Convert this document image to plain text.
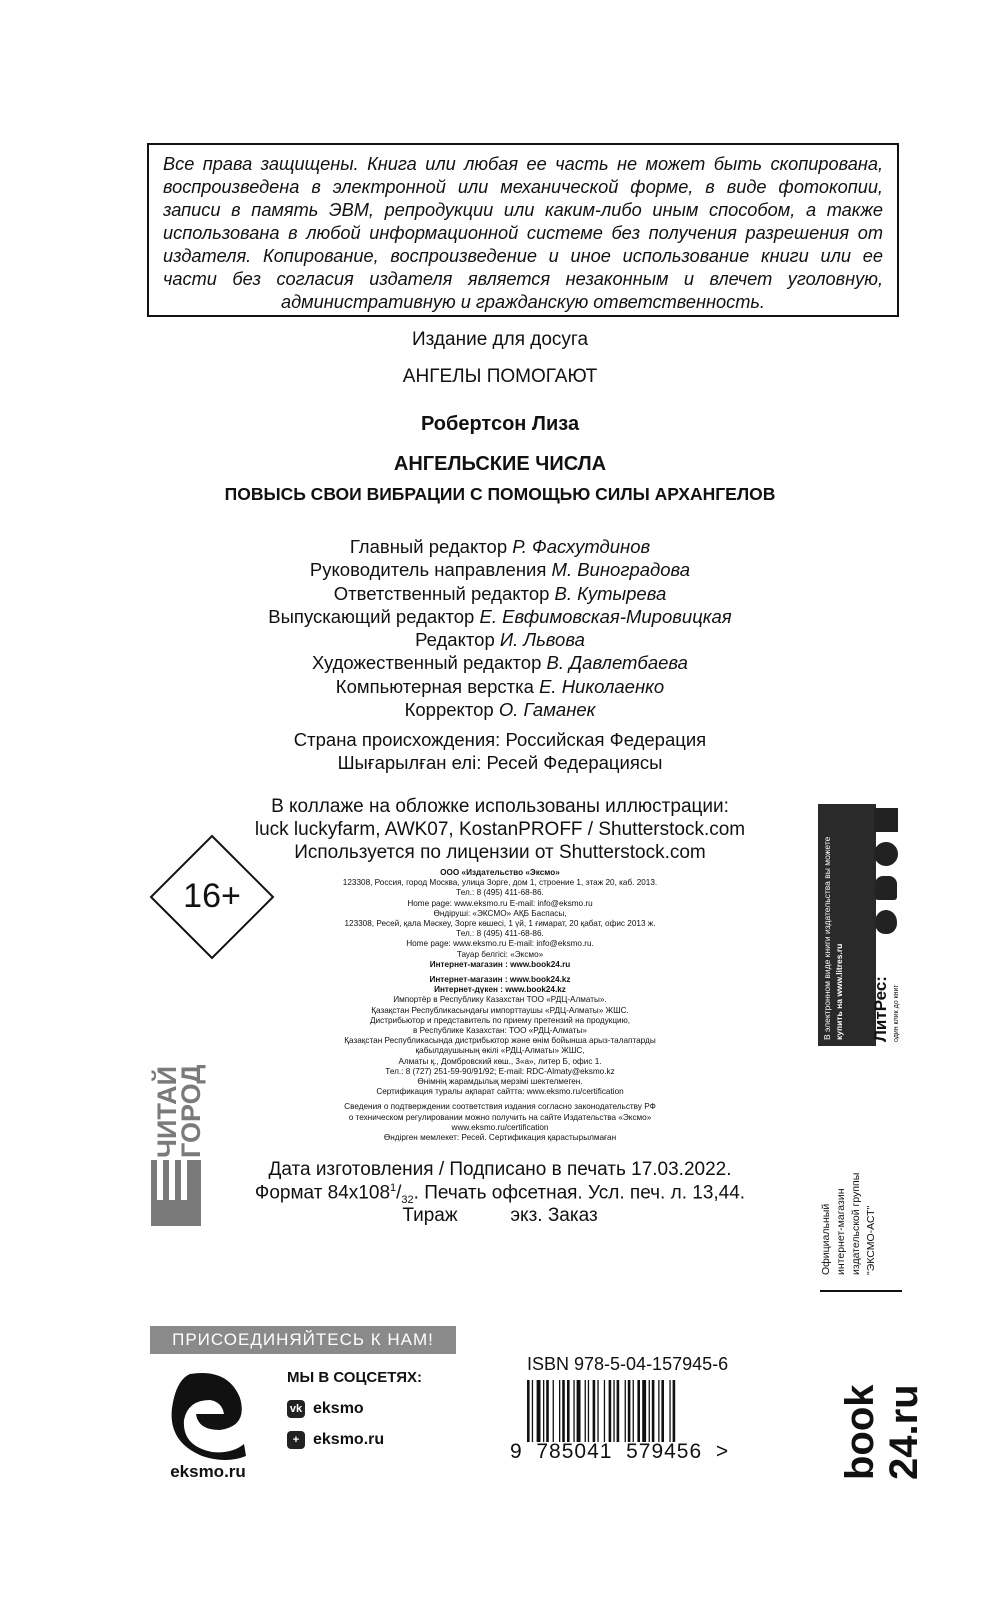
Все права защищены. Книга или любая ее часть не может быть скопирована, воспроизведена в электронной или механической форме, в виде фотокопии, записи в память ЭВМ, репродукции или каким-либо иным способом, а также использована в любой информационной системе без получения разрешения от издателя. Копирование, воспроизведение и иное использование книги или ее части без согласия издателя является незаконным и влечет уголовную, административную и гражданскую ответственность.

Издание для досуга
АНГЕЛЫ ПОМОГАЮТ
Робертсон Лиза
АНГЕЛЬСКИЕ ЧИСЛА
ПОВЫСЬ СВОИ ВИБРАЦИИ С ПОМОЩЬЮ СИЛЫ АРХАНГЕЛОВ
Главный редактор Р. Фасхутдинов
Руководитель направления М. Виноградова
Ответственный редактор В. Кутырева
Выпускающий редактор Е. Евфимовская-Мировицкая
Редактор И. Львова
Художественный редактор В. Давлетбаева
Компьютерная верстка Е. Николаенко
Корректор О. Гаманек
Страна происхождения: Российская Федерация
Шығарылған елі: Ресей Федерациясы
В коллаже на обложке использованы иллюстрации:
luck luckyfarm, AWK07, KostanPROFF / Shutterstock.com
Используется по лицензии от Shutterstock.com
16+
ООО «Издательство «Эксмо»
123308, Россия, город Москва, улица Зорге, дом 1, строение 1, этаж 20, каб. 2013.
Тел.: 8 (495) 411-68-86.
Home page: www.eksmo.ru E-mail: info@eksmo.ru
Өндіруші: «ЭКСМО» АҚБ Баспасы,
123308, Ресей, қала Мәскеу, Зорге көшесі, 1 үй, 1 ғимарат, 20 қабат, офис 2013 ж.
Тел.: 8 (495) 411-68-86.
Home page: www.eksmo.ru E-mail: info@eksmo.ru.
Тауар белгісі: «Эксмо»
Интернет-магазин : www.book24.ru
Интернет-магазин : www.book24.kz
Интернет-дүкен : www.book24.kz
Импортёр в Республику Казахстан ТОО «РДЦ-Алматы».
Қазақстан Республикасындағы импорттаушы «РДЦ-Алматы» ЖШС.
Дистрибьютор и представитель по приему претензий на продукцию,
в Республике Казахстан: ТОО «РДЦ-Алматы»
Қазақстан Республикасында дистрибьютор және өнім бойынша арыз-талаптарды
қабылдаушының өкілі «РДЦ-Алматы» ЖШС,
Алматы қ., Домбровский көш., 3«а», литер Б, офис 1.
Тел.: 8 (727) 251-59-90/91/92; E-mail: RDC-Almaty@eksmo.kz
Өнімнің жарамдылық мерзімі шектелмеген.
Сертификация туралы ақпарат сайтта: www.eksmo.ru/certification
Сведения о подтверждении соответствия издания согласно законодательству РФ
о техническом регулировании можно получить на сайте Издательства «Эксмо»
www.eksmo.ru/certification
Өндірген мемлекет: Ресей. Сертификация қарастырылмаған
Дата изготовления / Подписано в печать 17.03.2022.
Формат $84x108^1/_{32}$. Печать офсетная. Усл. печ. л. 13,44.
Тираж          экз. Заказ
ЧИТАЙ ГОРОД
В электронном виде книги издательства вы можете купить на www.litres.ru ЛитРес: один клик до книг
Официальный интернет-магазин издательской группы "ЭКСМО-АСТ"
book 24.ru
ПРИСОЕДИНЯЙТЕСЬ К НАМ!
eksmo.ru
МЫ В СОЦСЕТЯХ:
vk eksmo
+ eksmo.ru
ISBN 978-5-04-157945-6
9  785041  579456  >
